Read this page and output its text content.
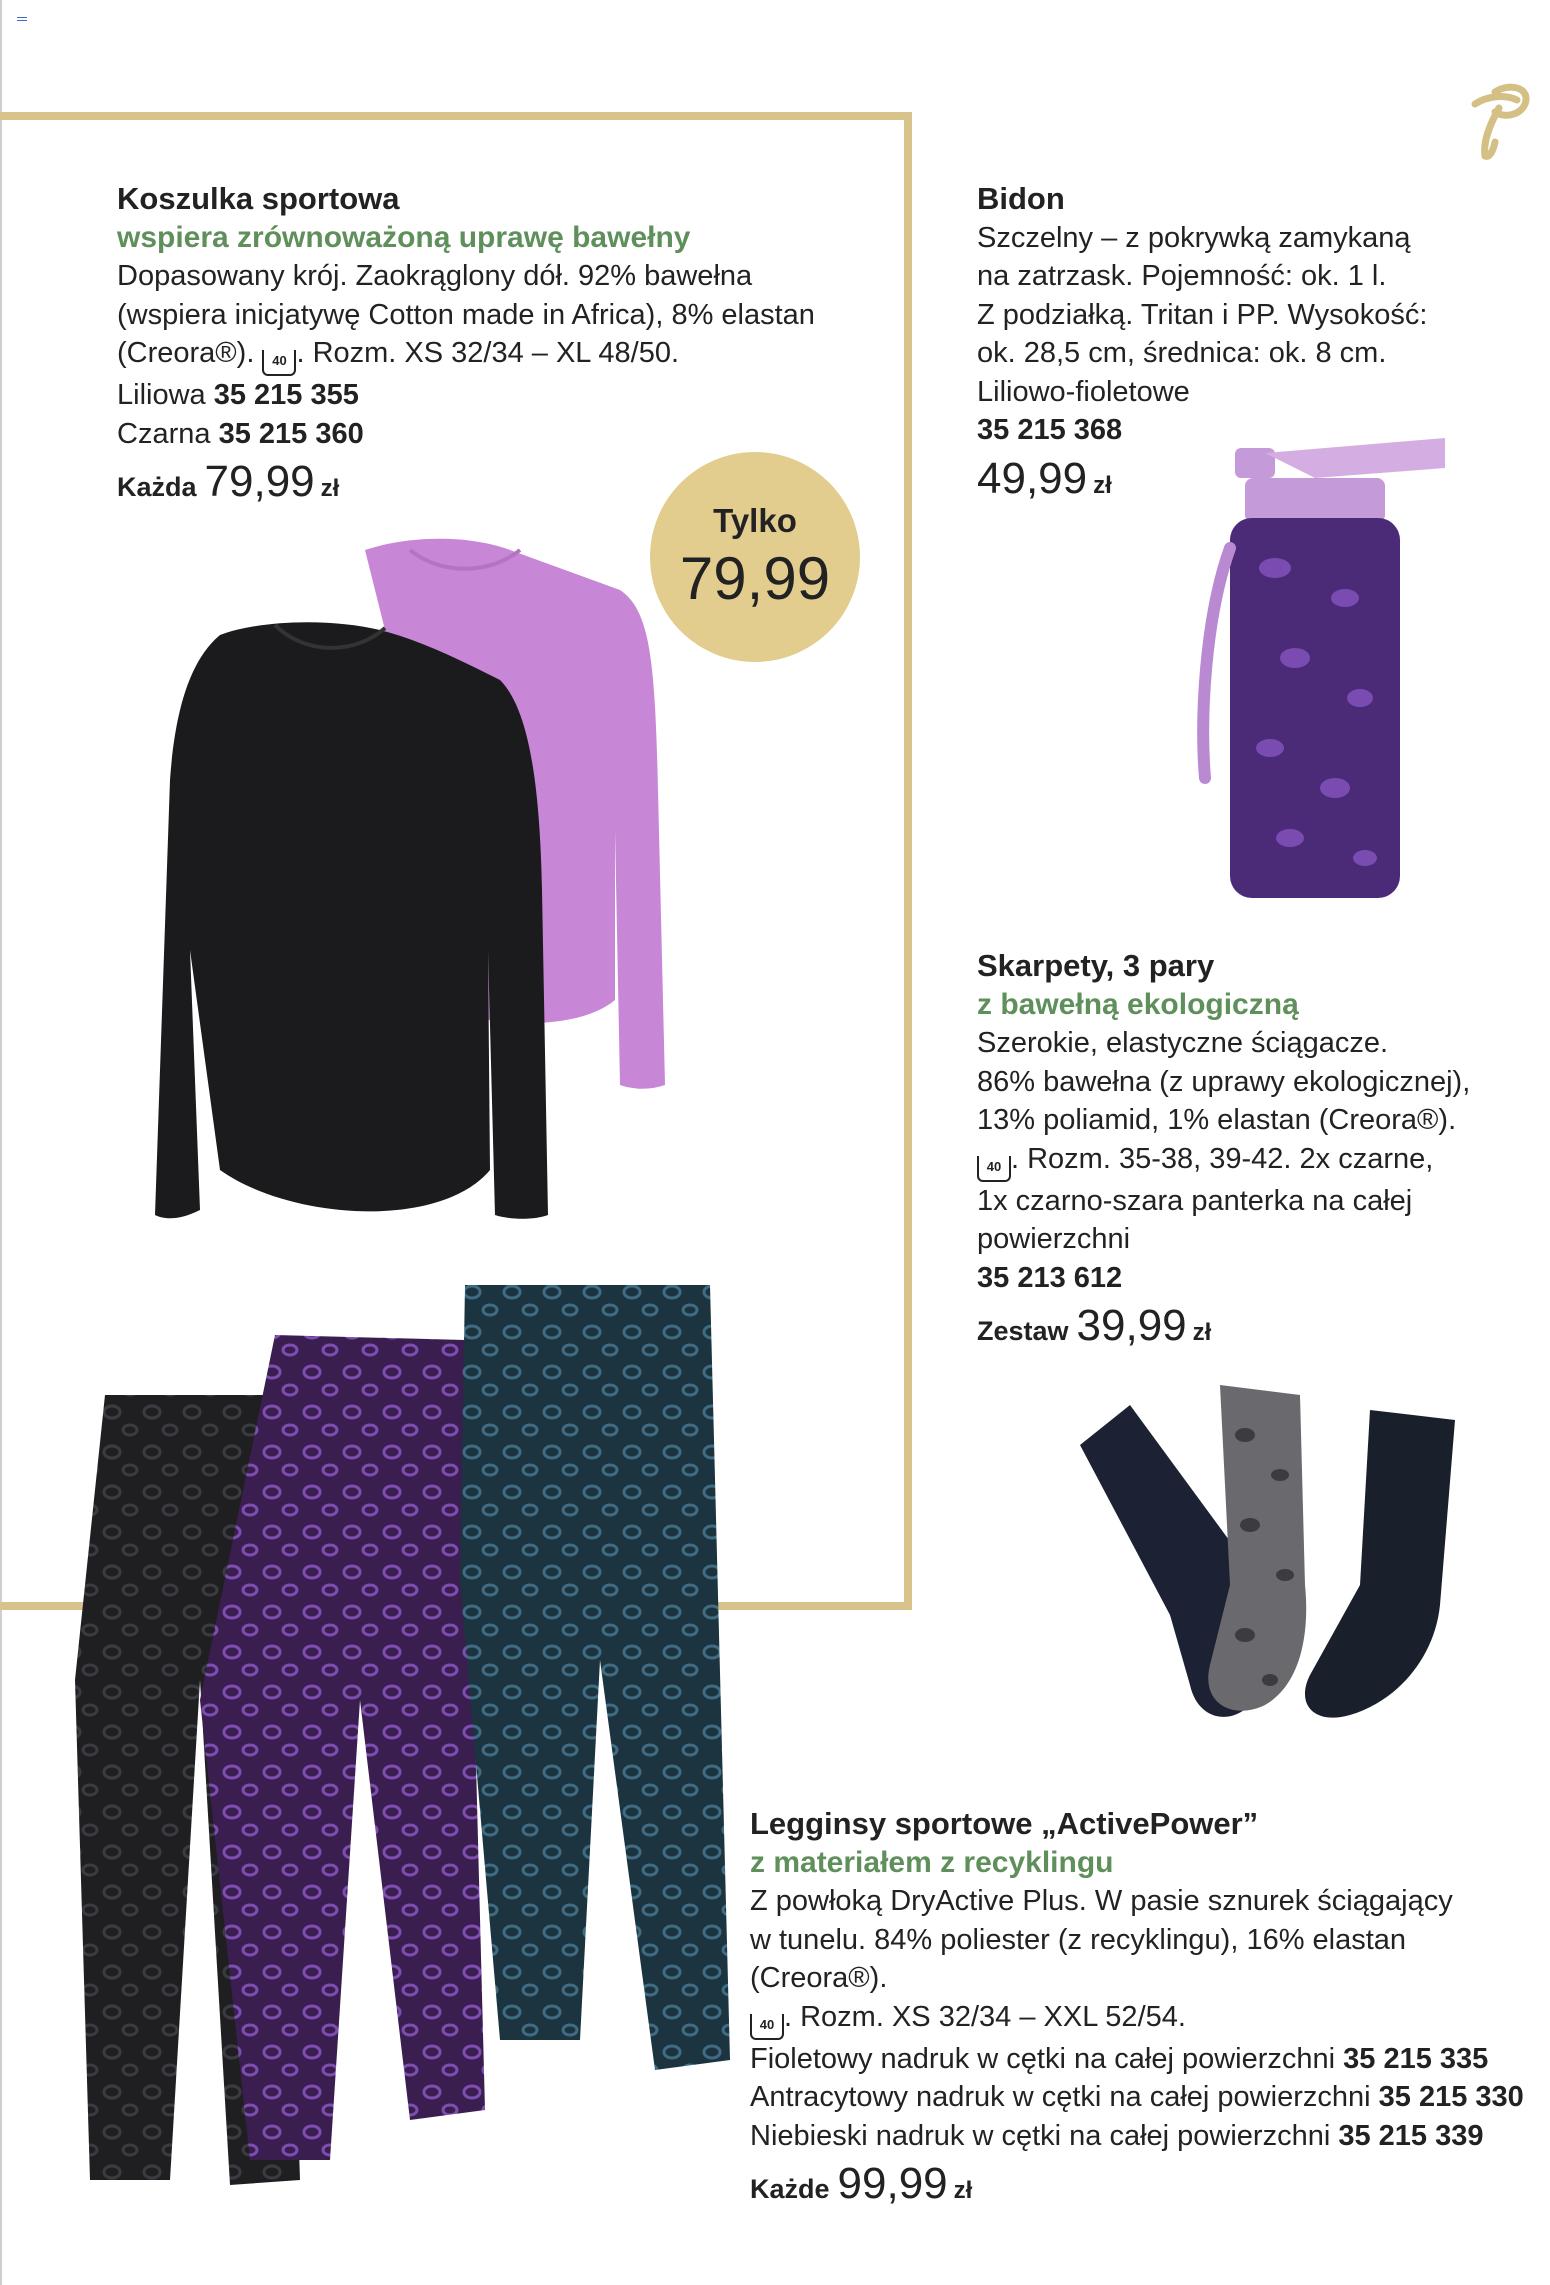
Koszulka sportowa
wspiera zrównoważoną uprawę bawełny
Dopasowany krój. Zaokrąglony dół. 92% bawełna
(wspiera inicjatywę Cotton made in Africa), 8% elastan
(Creora®). 40 . Rozm. XS 32/34 – XL 48/50.
Liliowa 35 215 355
Czarna 35 215 360
Każda 79,99 zł
Tylko
79,99
Bidon
Szczelny – z pokrywką zamykaną
na zatrzask. Pojemność: ok. 1 l.
Z podziałką. Tritan i PP. Wysokość:
ok. 28,5 cm, średnica: ok. 8 cm.
Liliowo-fioletowe
35 215 368
49,99 zł
Skarpety, 3 pary
z bawełną ekologiczną
Szerokie, elastyczne ściągacze.
86% bawełna (z uprawy ekologicznej),
13% poliamid, 1% elastan (Creora®).
40 . Rozm. 35-38, 39-42. 2x czarne,
1x czarno-szara panterka na całej
powierzchni
35 213 612
Zestaw 39,99 zł
Legginsy sportowe „ActivePower”
z materiałem z recyklingu
Z powłoką DryActive Plus. W pasie sznurek ściągający
w tunelu. 84% poliester (z recyklingu), 16% elastan (Creora®).
40 . Rozm. XS 32/34 – XXL 52/54.
Fioletowy nadruk w cętki na całej powierzchni 35 215 335
Antracytowy nadruk w cętki na całej powierzchni 35 215 330
Niebieski nadruk w cętki na całej powierzchni 35 215 339
Każde 99,99 zł
